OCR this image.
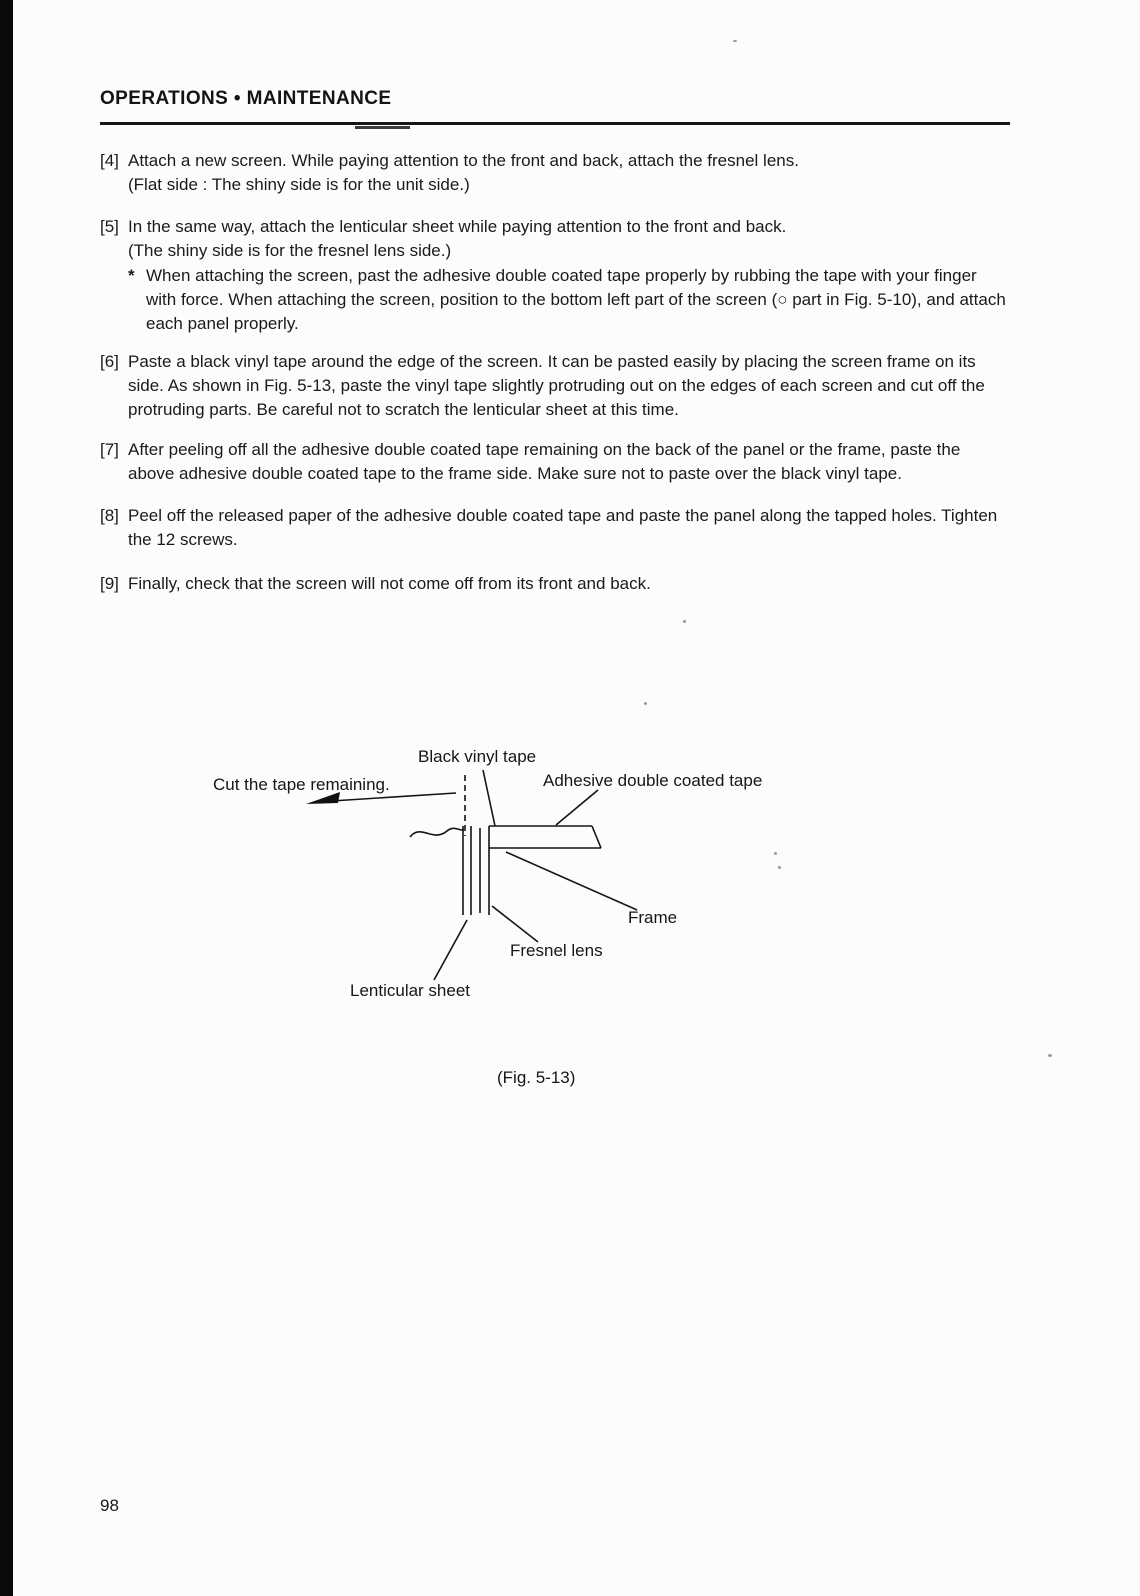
OPERATIONS • MAINTENANCE
[4] Attach a new screen. While paying attention to the front and back, attach the fresnel lens.
(Flat side : The shiny side is for the unit side.)
[5] In the same way, attach the lenticular sheet while paying attention to the front and back.
(The shiny side is for the fresnel lens side.)
* When attaching the screen, past the adhesive double coated tape properly by rubbing the tape with your finger with force. When attaching the screen, position to the bottom left part of the screen (○ part in Fig. 5-10), and attach each panel properly.
[6] Paste a black vinyl tape around the edge of the screen. It can be pasted easily by placing the screen frame on its side. As shown in Fig. 5-13, paste the vinyl tape slightly protruding out on the edges of each screen and cut off the protruding parts. Be careful not to scratch the lenticular sheet at this time.
[7] After peeling off all the adhesive double coated tape remaining on the back of the panel or the frame, paste the above adhesive double coated tape to the frame side. Make sure not to paste over the black vinyl tape.
[8] Peel off the released paper of the adhesive double coated tape and paste the panel along the tapped holes. Tighten the 12 screws.
[9] Finally, check that the screen will not come off from its front and back.
Black vinyl tape
Cut the tape remaining.	Adhesive double coated tape
Frame
Fresnel lens
Lenticular sheet
(Fig. 5-13)
98
